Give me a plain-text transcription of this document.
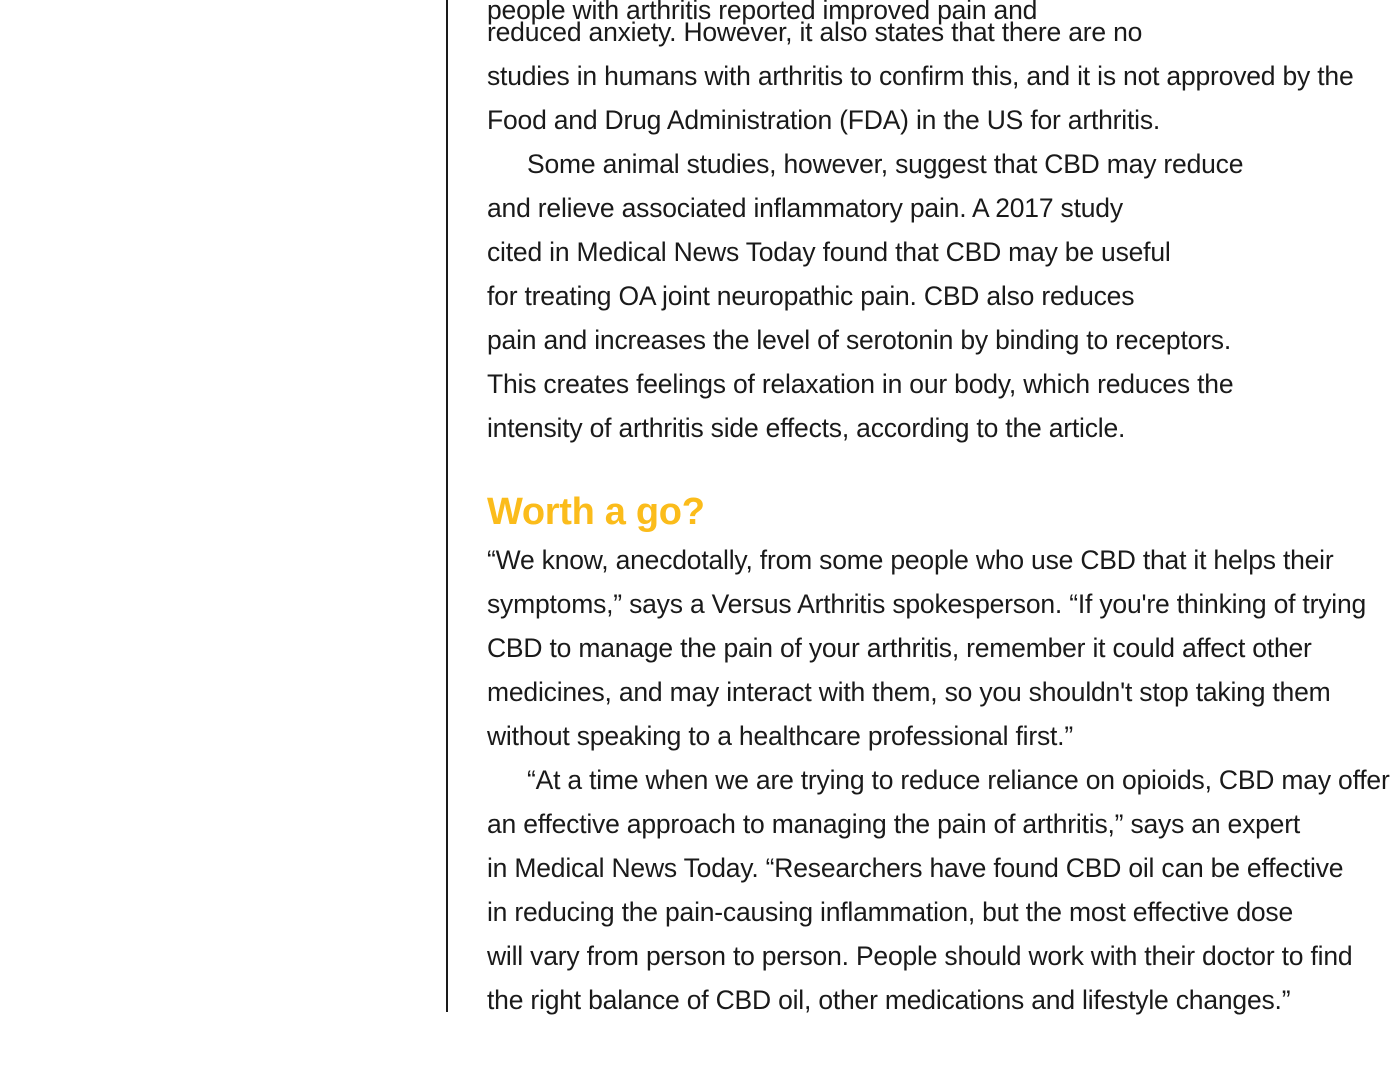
people with arthritis reported improved pain and
reduced anxiety. However, it also states that there are no
studies in humans with arthritis to confirm this, and it is not approved by the
Food and Drug Administration (FDA) in the US for arthritis.
Some animal studies, however, suggest that CBD may reduce
and relieve associated inflammatory pain. A 2017 study
cited in Medical News Today found that CBD may be useful
for treating OA joint neuropathic pain. CBD also reduces
pain and increases the level of serotonin by binding to receptors.
This creates feelings of relaxation in our body, which reduces the
intensity of arthritis side effects, according to the article.
Worth a go?
“We know, anecdotally, from some people who use CBD that it helps their
symptoms,” says a Versus Arthritis spokesperson. “If you're thinking of trying
CBD to manage the pain of your arthritis, remember it could affect other
medicines, and may interact with them, so you shouldn't stop taking them
without speaking to a healthcare professional first.”
“At a time when we are trying to reduce reliance on opioids, CBD may offer
an effective approach to managing the pain of arthritis,” says an expert
in Medical News Today. “Researchers have found CBD oil can be effective
in reducing the pain-causing inflammation, but the most effective dose
will vary from person to person. People should work with their doctor to find
the right balance of CBD oil, other medications and lifestyle changes.”
